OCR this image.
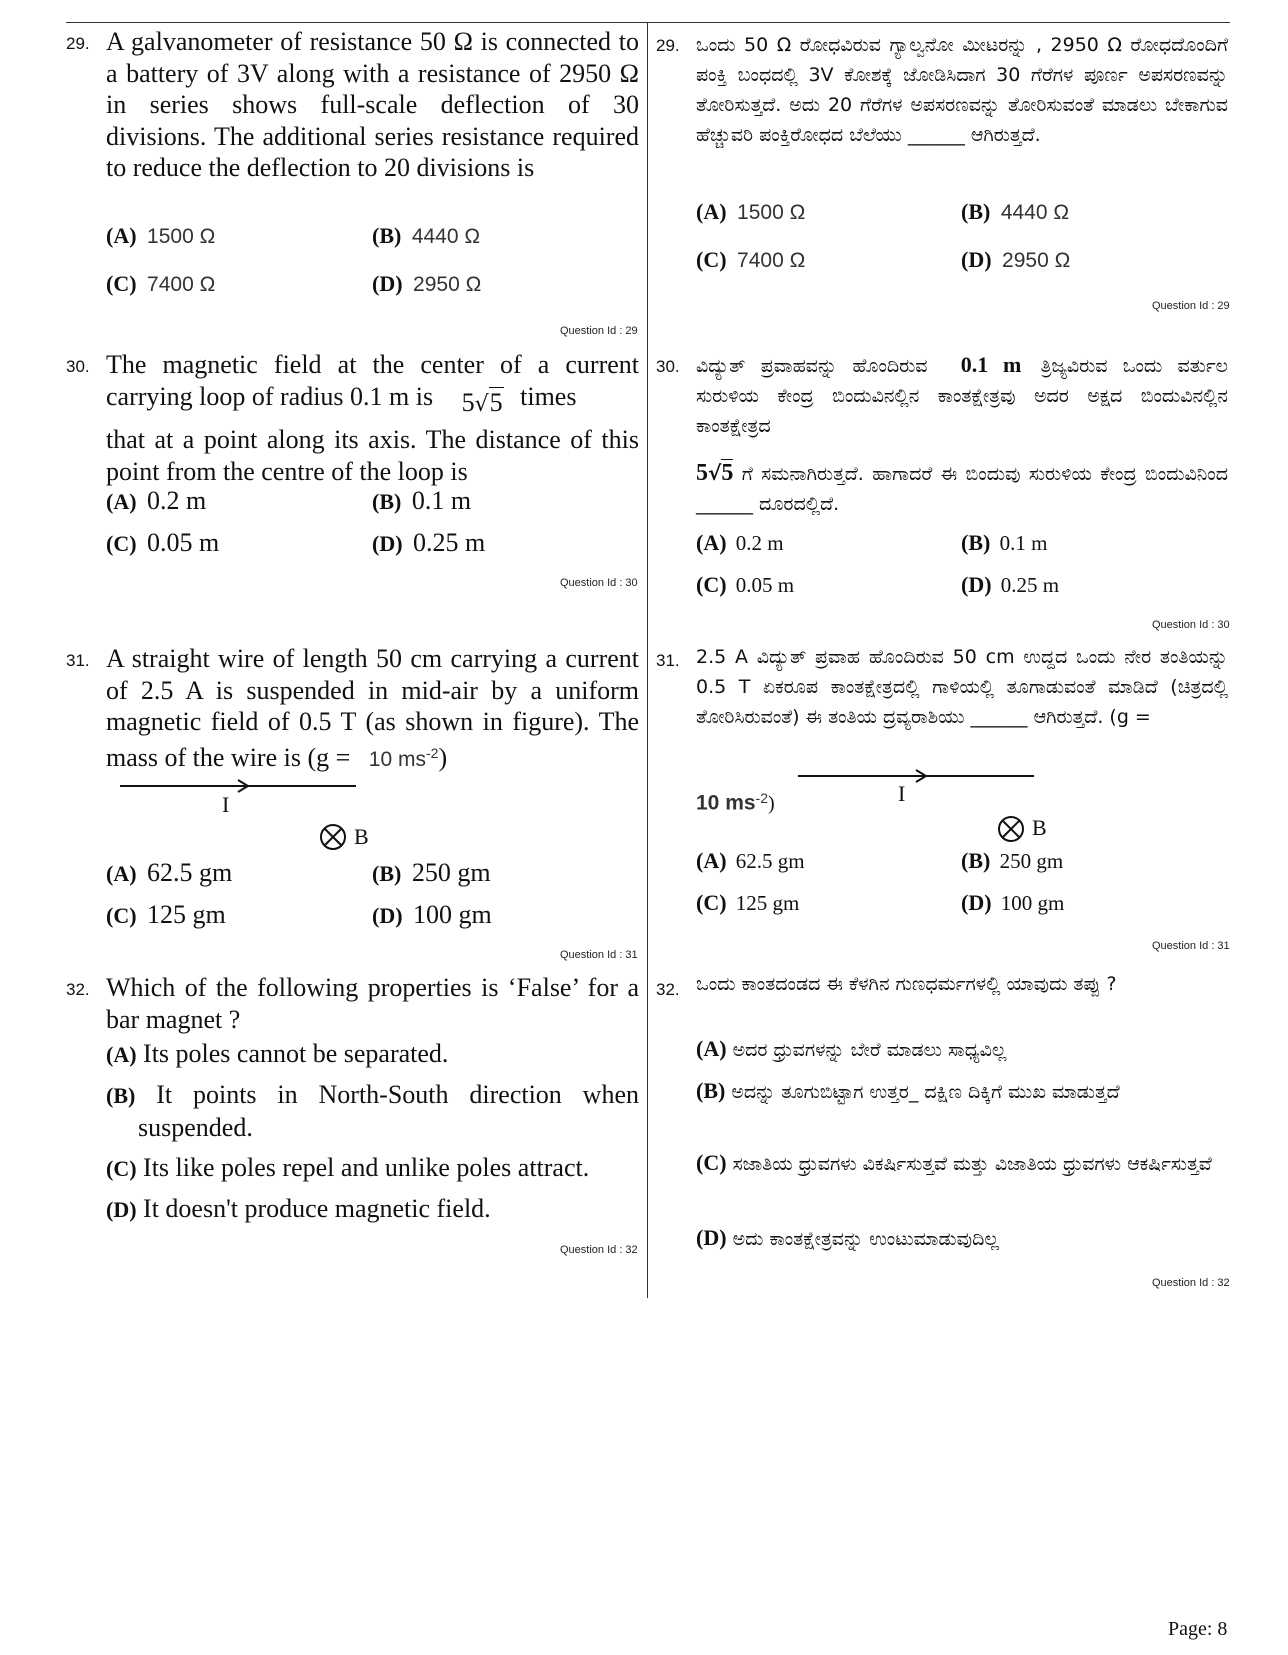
29. A galvanometer of resistance 50 Ω is connected to a battery of 3V along with a resistance of 2950 Ω in series shows full-scale deflection of 30 divisions. The additional series resistance required to reduce the deflection to 20 divisions is
(A) 1500 Ω	(B) 4440 Ω
(C) 7400 Ω	(D) 2950 Ω
Question Id : 29
29. ಒಂದು 50 Ω ರೋಧವಿರುವ ಗ್ಯಾಲ್ವನೋ ಮೀಟರನ್ನು , 2950 Ω ರೋಧದೊಂದಿಗೆ ಪಂಕ್ತಿ ಬಂಧದಲ್ಲಿ 3V ಕೋಶಕ್ಕೆ ಜೋಡಿಸಿದಾಗ 30 ಗೆರೆಗಳ ಪೂರ್ಣ ಅಪಸರಣವನ್ನು ತೋರಿಸುತ್ತದೆ. ಅದು 20 ಗೆರೆಗಳ ಅಪಸರಣವನ್ನು ತೋರಿಸುವಂತೆ ಮಾಡಲು ಬೇಕಾಗುವ ಹೆಚ್ಚುವರಿ ಪಂಕ್ತಿರೋಧದ ಬೆಲೆಯು ______ ಆಗಿರುತ್ತದೆ.
(A) 1500 Ω	(B) 4440 Ω
(C) 7400 Ω	(D) 2950 Ω
Question Id : 29
30. The magnetic field at the center of a current carrying loop of radius 0.1 m is 5√5 times
that at a point along its axis. The distance of this point from the centre of the loop is
(A) 0.2 m	(B) 0.1 m
(C) 0.05 m	(D) 0.25 m
Question Id : 30
30. ವಿದ್ಯುತ್ ಪ್ರವಾಹವನ್ನು ಹೊಂದಿರುವ 0.1 m ತ್ರಿಜ್ಯವಿರುವ ಒಂದು ವರ್ತುಲ ಸುರುಳಿಯ ಕೇಂದ್ರ ಬಿಂದುವಿನಲ್ಲಿನ ಕಾಂತಕ್ಷೇತ್ರವು ಅದರ ಅಕ್ಷದ ಬಿಂದುವಿನಲ್ಲಿನ ಕಾಂತಕ್ಷೇತ್ರದ
5√5 ಗೆ ಸಮನಾಗಿರುತ್ತದೆ. ಹಾಗಾದರೆ ಈ ಬಿಂದುವು ಸುರುಳಿಯ ಕೇಂದ್ರ ಬಿಂದುವಿನಿಂದ ______ ದೂರದಲ್ಲಿದೆ.
(A) 0.2 m	(B) 0.1 m
(C) 0.05 m	(D) 0.25 m
Question Id : 30
31. A straight wire of length 50 cm carrying a current of 2.5 A is suspended in mid-air by a uniform magnetic field of 0.5 T (as shown in figure). The mass of the wire is (g = 10 $ms^{-2}$)
I
B
(A) 62.5 gm	(B) 250 gm
(C) 125 gm	(D) 100 gm
Question Id : 31
31. 2.5 A ವಿದ್ಯುತ್ ಪ್ರವಾಹ ಹೊಂದಿರುವ 50 cm ಉದ್ದದ ಒಂದು ನೇರ ತಂತಿಯನ್ನು 0.5 T ಏಕರೂಪ ಕಾಂತಕ್ಷೇತ್ರದಲ್ಲಿ ಗಾಳಿಯಲ್ಲಿ ತೂಗಾಡುವಂತೆ ಮಾಡಿದೆ (ಚಿತ್ರದಲ್ಲಿ ತೋರಿಸಿರುವಂತೆ) ಈ ತಂತಿಯ ದ್ರವ್ಯರಾಶಿಯು ______ ಆಗಿರುತ್ತದೆ. (g =
10 $ms^{-2}$)	I
B
(A) 62.5 gm	(B) 250 gm
(C) 125 gm	(D) 100 gm
Question Id : 31
32. Which of the following properties is ‘False’ for a bar magnet ?
(A) Its poles cannot be separated.
(B) It points in North-South direction when suspended.
(C) Its like poles repel and unlike poles attract.
(D) It doesn't produce magnetic field.
Question Id : 32
32. ಒಂದು ಕಾಂತದಂಡದ ಈ ಕೆಳಗಿನ ಗುಣಧರ್ಮಗಳಲ್ಲಿ ಯಾವುದು ತಪ್ಪು ?
(A) ಅದರ ಧ್ರುವಗಳನ್ನು ಬೇರೆ ಮಾಡಲು ಸಾಧ್ಯವಿಲ್ಲ
(B) ಅದನ್ನು ತೂಗುಬಿಟ್ಟಾಗ ಉತ್ತರ_ ದಕ್ಷಿಣ ದಿಕ್ಕಿಗೆ ಮುಖ ಮಾಡುತ್ತದೆ
(C) ಸಜಾತಿಯ ಧ್ರುವಗಳು ವಿಕರ್ಷಿಸುತ್ತವೆ ಮತ್ತು ವಿಜಾತಿಯ ಧ್ರುವಗಳು ಆಕರ್ಷಿಸುತ್ತವೆ
(D) ಅದು ಕಾಂತಕ್ಷೇತ್ರವನ್ನು ಉಂಟುಮಾಡುವುದಿಲ್ಲ
Question Id : 32
Page: 8
